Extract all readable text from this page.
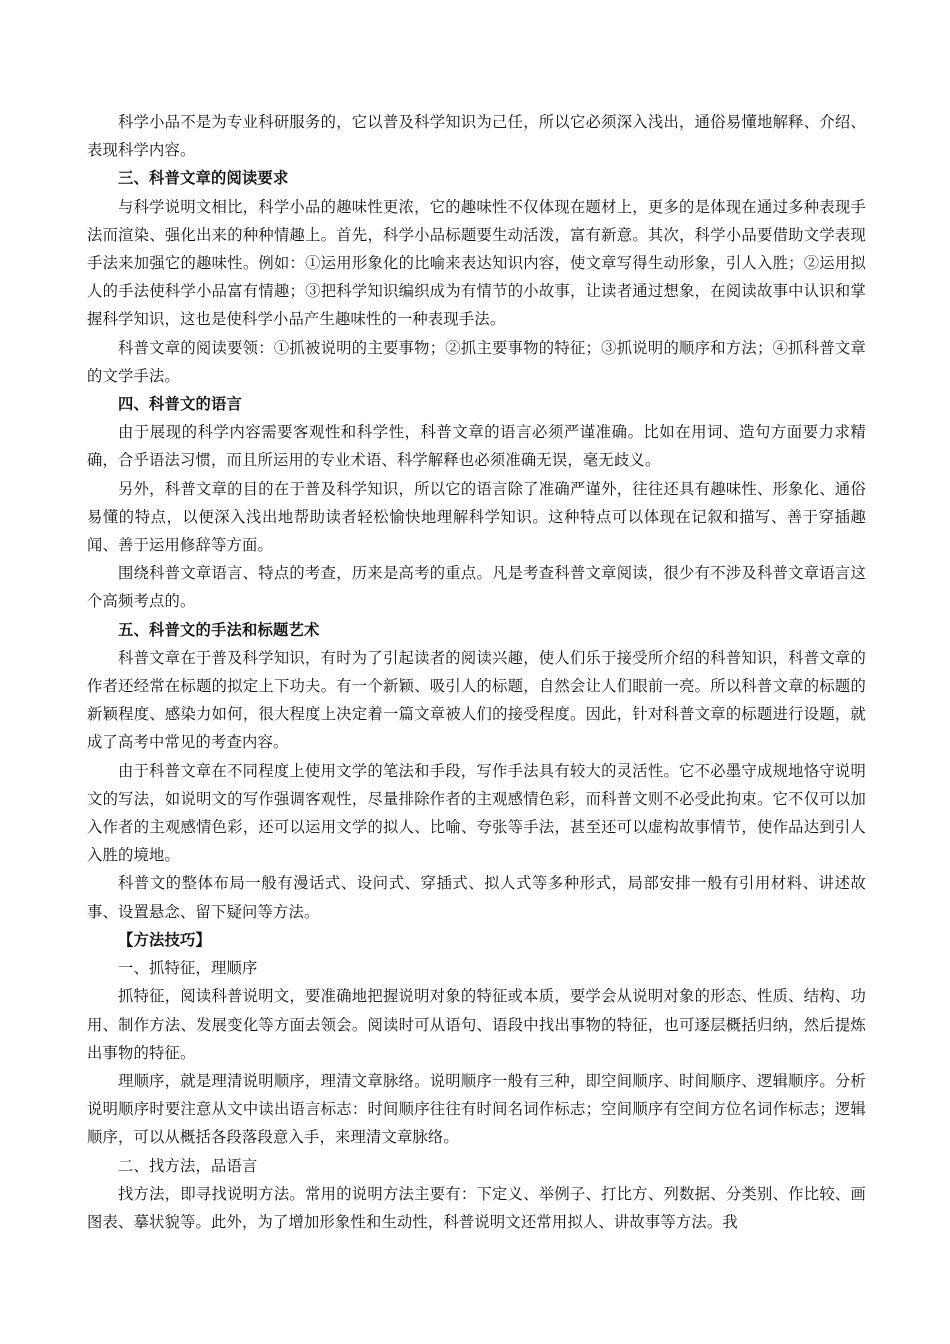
科学小品不是为专业科研服务的，它以普及科学知识为己任，所以它必须深入浅出，通俗易懂地解释、介绍、表现科学内容。

三、科普文章的阅读要求

与科学说明文相比，科学小品的趣味性更浓，它的趣味性不仅体现在题材上，更多的是体现在通过多种表现手法而渲染、强化出来的种种情趣上。首先，科学小品标题要生动活泼，富有新意。其次，科学小品要借助文学表现手法来加强它的趣味性。例如：①运用形象化的比喻来表达知识内容，使文章写得生动形象，引人入胜；②运用拟人的手法使科学小品富有情趣；③把科学知识编织成为有情节的小故事，让读者通过想象，在阅读故事中认识和掌握科学知识，这也是使科学小品产生趣味性的一种表现手法。

科普文章的阅读要领：①抓被说明的主要事物；②抓主要事物的特征；③抓说明的顺序和方法；④抓科普文章的文学手法。

四、科普文的语言

由于展现的科学内容需要客观性和科学性，科普文章的语言必须严谨准确。比如在用词、造句方面要力求精确，合乎语法习惯，而且所运用的专业术语、科学解释也必须准确无误，毫无歧义。

另外，科普文章的目的在于普及科学知识，所以它的语言除了准确严谨外，往往还具有趣味性、形象化、通俗易懂的特点，以便深入浅出地帮助读者轻松愉快地理解科学知识。这种特点可以体现在记叙和描写、善于穿插趣闻、善于运用修辞等方面。

围绕科普文章语言、特点的考查，历来是高考的重点。凡是考查科普文章阅读，很少有不涉及科普文章语言这个高频考点的。

五、科普文的手法和标题艺术

科普文章在于普及科学知识，有时为了引起读者的阅读兴趣，使人们乐于接受所介绍的科普知识，科普文章的作者还经常在标题的拟定上下功夫。有一个新颖、吸引人的标题，自然会让人们眼前一亮。所以科普文章的标题的新颖程度、感染力如何，很大程度上决定着一篇文章被人们的接受程度。因此，针对科普文章的标题进行设题，就成了高考中常见的考查内容。

由于科普文章在不同程度上使用文学的笔法和手段，写作手法具有较大的灵活性。它不必墨守成规地恪守说明文的写法，如说明文的写作强调客观性，尽量排除作者的主观感情色彩，而科普文则不必受此拘束。它不仅可以加入作者的主观感情色彩，还可以运用文学的拟人、比喻、夸张等手法，甚至还可以虚构故事情节，使作品达到引人入胜的境地。

科普文的整体布局一般有漫话式、设问式、穿插式、拟人式等多种形式，局部安排一般有引用材料、讲述故事、设置悬念、留下疑问等方法。

【方法技巧】

一、抓特征，理顺序

抓特征，阅读科普说明文，要准确地把握说明对象的特征或本质，要学会从说明对象的形态、性质、结构、功用、制作方法、发展变化等方面去领会。阅读时可从语句、语段中找出事物的特征，也可逐层概括归纳，然后提炼出事物的特征。

理顺序，就是理清说明顺序，理清文章脉络。说明顺序一般有三种，即空间顺序、时间顺序、逻辑顺序。分析说明顺序时要注意从文中读出语言标志：时间顺序往往有时间名词作标志；空间顺序有空间方位名词作标志；逻辑顺序，可以从概括各段落段意入手，来理清文章脉络。

二、找方法，品语言

找方法，即寻找说明方法。常用的说明方法主要有：下定义、举例子、打比方、列数据、分类别、作比较、画图表、摹状貌等。此外，为了增加形象性和生动性，科普说明文还常用拟人、讲故事等方法。我
